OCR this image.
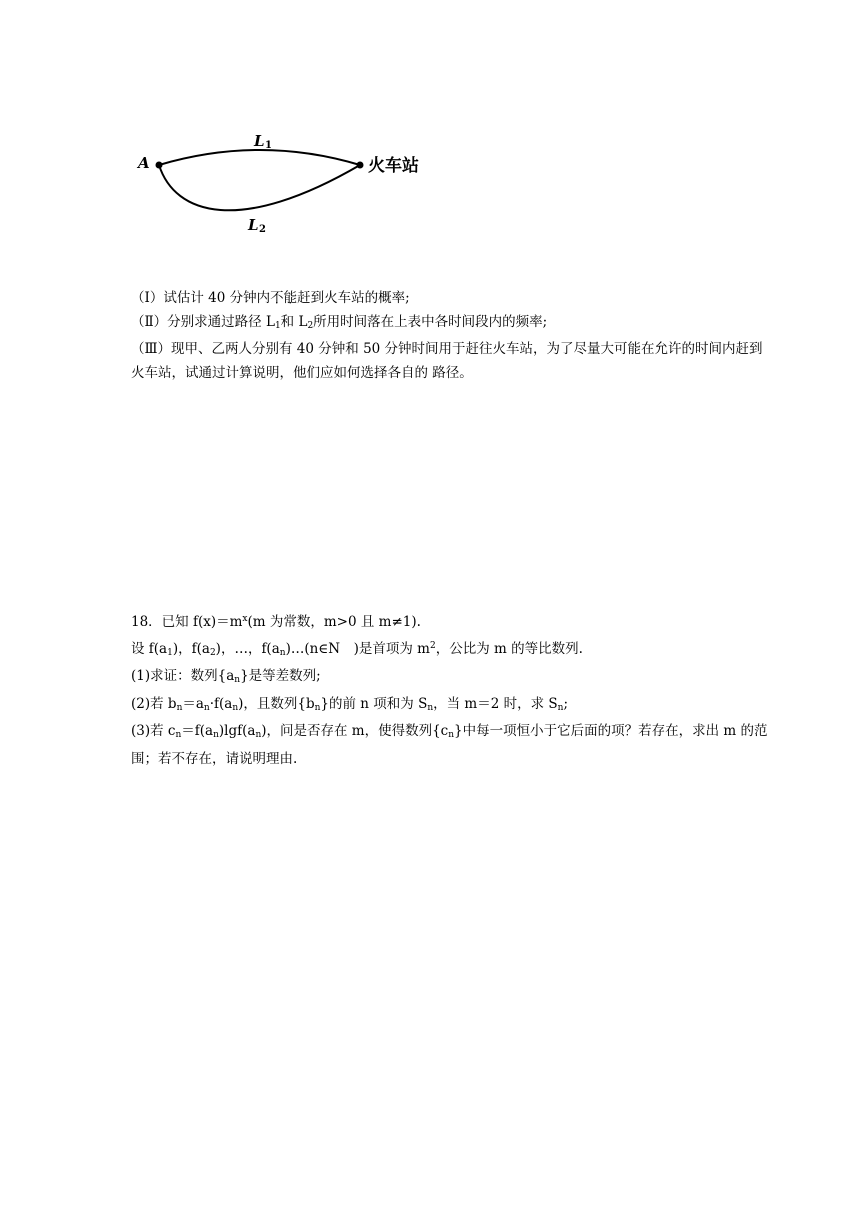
A
L 1
L 2
火车站

（Ⅰ）试估计 40 分钟内不能赶到火车站的概率;

（Ⅱ）分别求通过路径 $L_1$和 $L_2$所用时间落在上表中各时间段内的频率;

（Ⅲ）现甲、乙两人分别有 40 分钟和 50 分钟时间用于赶往火车站，为了尽量大可能在允许的时间内赶到火车站，试通过计算说明，他们应如何选择各自的 路径。

18．已知 $f(x)=m^x(m$ 为常数，m>0 且 m≠1).

设 $f(a_1)$，$f(a_2)$，…，$f(a_n)\dots(n\in N$　)是首项为 $m^2$，公比为 m 的等比数列.

(1)求证：数列$\{a_n\}$是等差数列;

(2)若 $b_n=a_n\cdot f(a_n)$，且数列$\{b_n\}$的前 n 项和为 $S_n$，当 m＝2 时，求 $S_n$;

(3)若 $c_n=f(a_n)\lg f(a_n)$，问是否存在 m，使得数列$\{c_n\}$中每一项恒小于它后面的项？若存在，求出 m 的范围；若不存在，请说明理由.
